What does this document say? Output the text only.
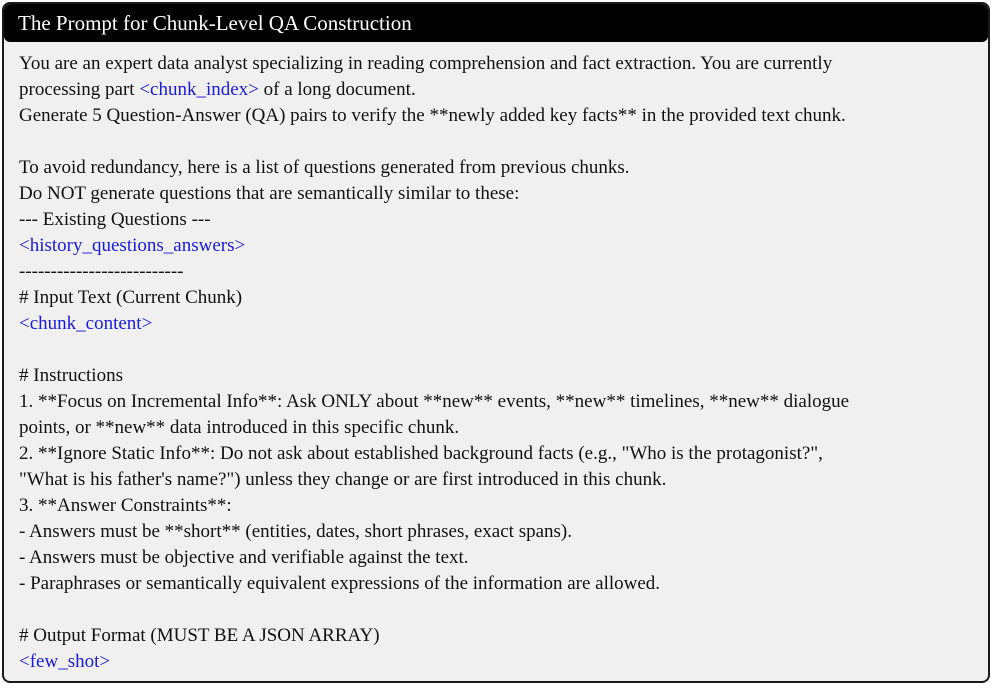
The Prompt for Chunk-Level QA Construction
You are an expert data analyst specializing in reading comprehension and fact extraction. You are currently
processing part <chunk_index> of a long document.
Generate 5 Question-Answer (QA) pairs to verify the **newly added key facts** in the provided text chunk.
To avoid redundancy, here is a list of questions generated from previous chunks.
Do NOT generate questions that are semantically similar to these:
--- Existing Questions ---
<history_questions_answers>
--------------------------
# Input Text (Current Chunk)
<chunk_content>
# Instructions
1. **Focus on Incremental Info**: Ask ONLY about **new** events, **new** timelines, **new** dialogue
points, or **new** data introduced in this specific chunk.
2. **Ignore Static Info**: Do not ask about established background facts (e.g., "Who is the protagonist?",
"What is his father's name?") unless they change or are first introduced in this chunk.
3. **Answer Constraints**:
- Answers must be **short** (entities, dates, short phrases, exact spans).
- Answers must be objective and verifiable against the text.
- Paraphrases or semantically equivalent expressions of the information are allowed.
# Output Format (MUST BE A JSON ARRAY)
<few_shot>
